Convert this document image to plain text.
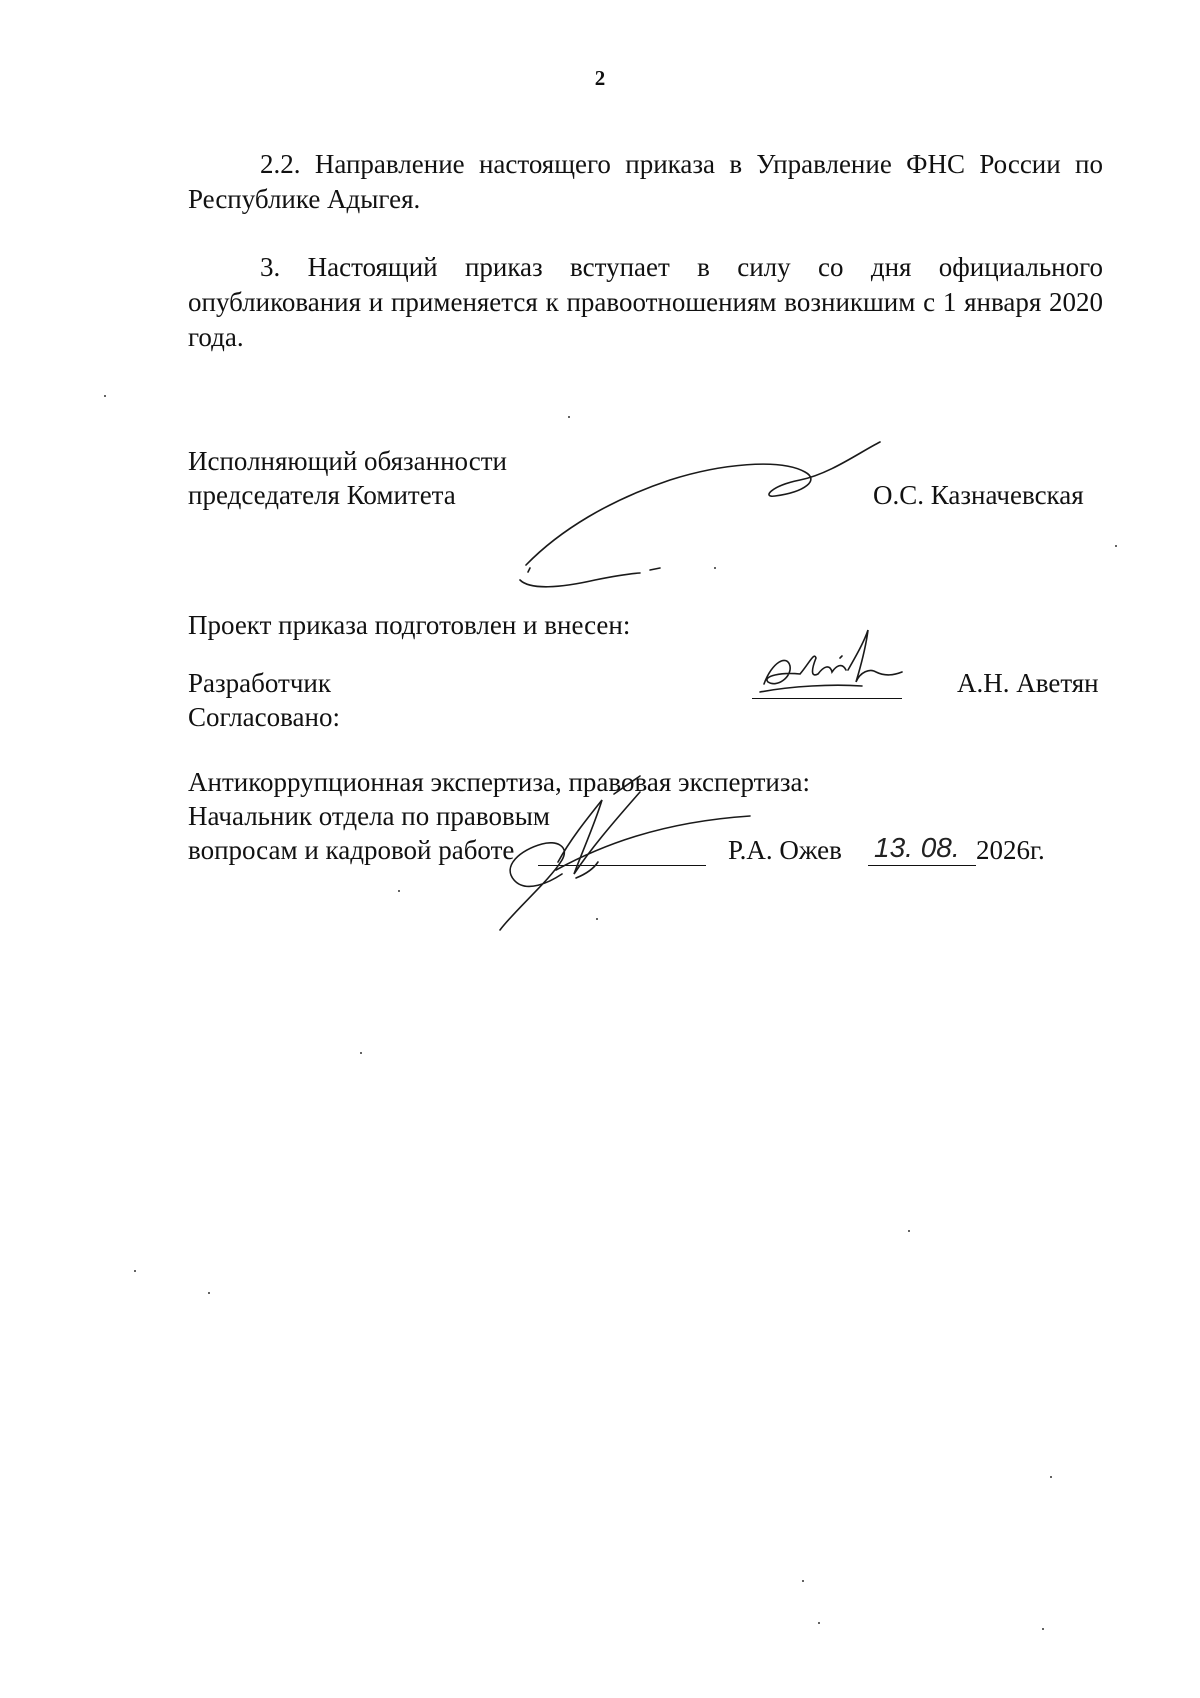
2
2.2. Направление настоящего приказа в Управление ФНС России по Республике Адыгея.
3. Настоящий приказ вступает в силу со дня официального опубликования и применяется к правоотношениям возникшим с 1 января 2020 года.
Исполняющий обязанности
председателя Комитета	О.С. Казначевская
Проект приказа подготовлен и внесен:
Разработчик	А.Н. Аветян
Согласовано:
Антикоррупционная экспертиза, правовая экспертиза:
Начальник отдела по правовым
вопросам и кадровой работе	Р.А. Ожев 13. 08. 2026г.
